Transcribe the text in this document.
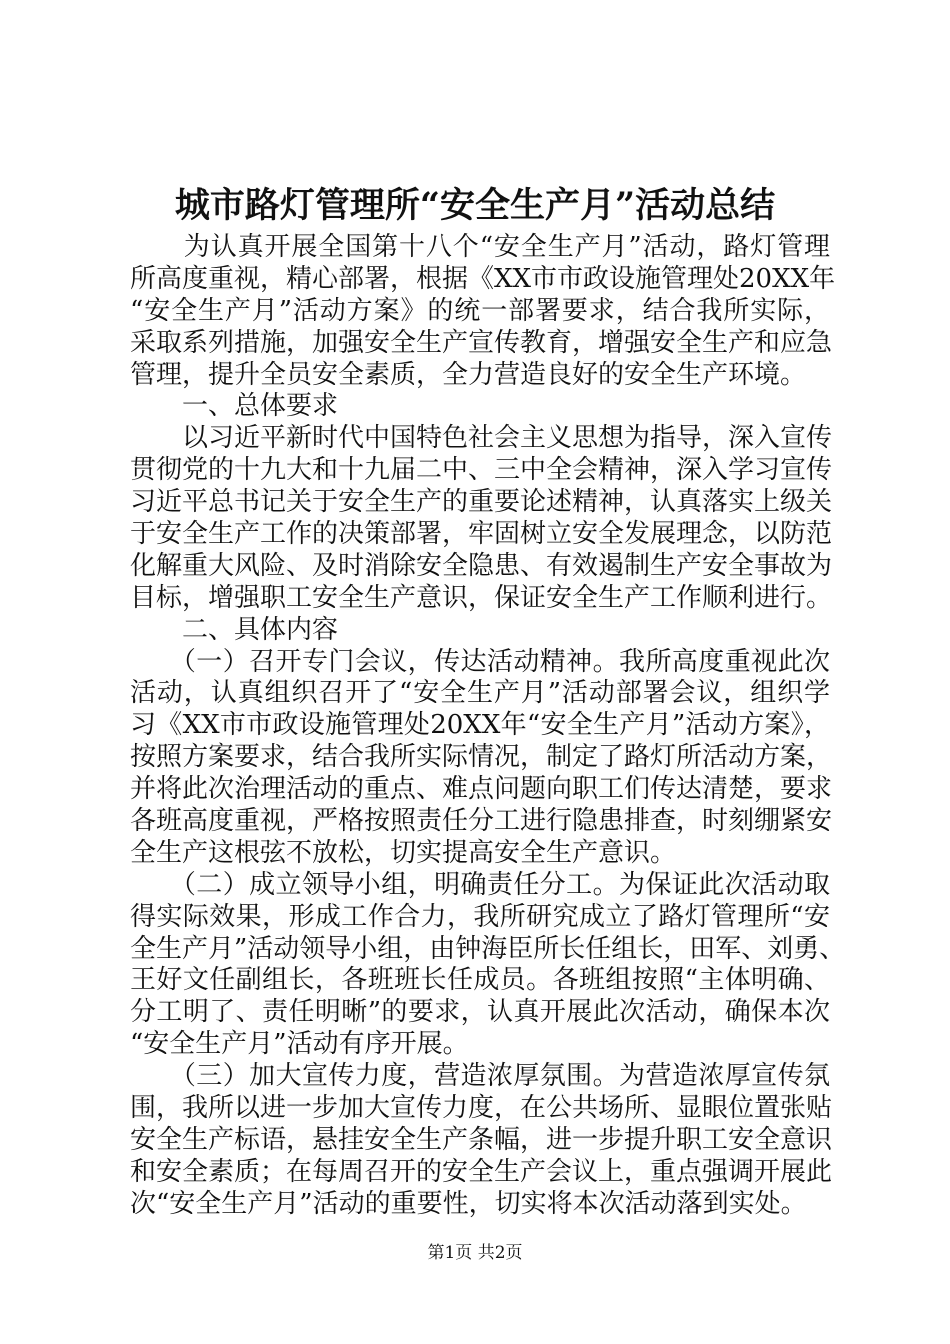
城市路灯管理所“安全生产月”活动总结
　　为认真开展全国第十八个“安全生产月”活动，路灯管理
所高度重视，精心部署，根据《XX市市政设施管理处20XX年
“安全生产月”活动方案》的统一部署要求，结合我所实际，
采取系列措施，加强安全生产宣传教育，增强安全生产和应急
管理，提升全员安全素质，全力营造良好的安全生产环境。
一、总体要求
　　以习近平新时代中国特色社会主义思想为指导，深入宣传
贯彻党的十九大和十九届二中、三中全会精神，深入学习宣传
习近平总书记关于安全生产的重要论述精神，认真落实上级关
于安全生产工作的决策部署，牢固树立安全发展理念，以防范
化解重大风险、及时消除安全隐患、有效遏制生产安全事故为
目标，增强职工安全生产意识，保证安全生产工作顺利进行。
二、具体内容
　　（一）召开专门会议，传达活动精神。我所高度重视此次
活动，认真组织召开了“安全生产月”活动部署会议，组织学
习《XX市市政设施管理处20XX年“安全生产月”活动方案》，
按照方案要求，结合我所实际情况，制定了路灯所活动方案，
并将此次治理活动的重点、难点问题向职工们传达清楚，要求
各班高度重视，严格按照责任分工进行隐患排查，时刻绷紧安
全生产这根弦不放松，切实提高安全生产意识。
　　（二）成立领导小组，明确责任分工。为保证此次活动取
得实际效果，形成工作合力，我所研究成立了路灯管理所“安
全生产月”活动领导小组，由钟海臣所长任组长，田军、刘勇、
王好文任副组长，各班班长任成员。各班组按照“主体明确、
分工明了、责任明晰”的要求，认真开展此次活动，确保本次
“安全生产月”活动有序开展。
　　（三）加大宣传力度，营造浓厚氛围。为营造浓厚宣传氛
围，我所以进一步加大宣传力度，在公共场所、显眼位置张贴
安全生产标语，悬挂安全生产条幅，进一步提升职工安全意识
和安全素质；在每周召开的安全生产会议上，重点强调开展此
次“安全生产月”活动的重要性，切实将本次活动落到实处。

第1页 共2页
